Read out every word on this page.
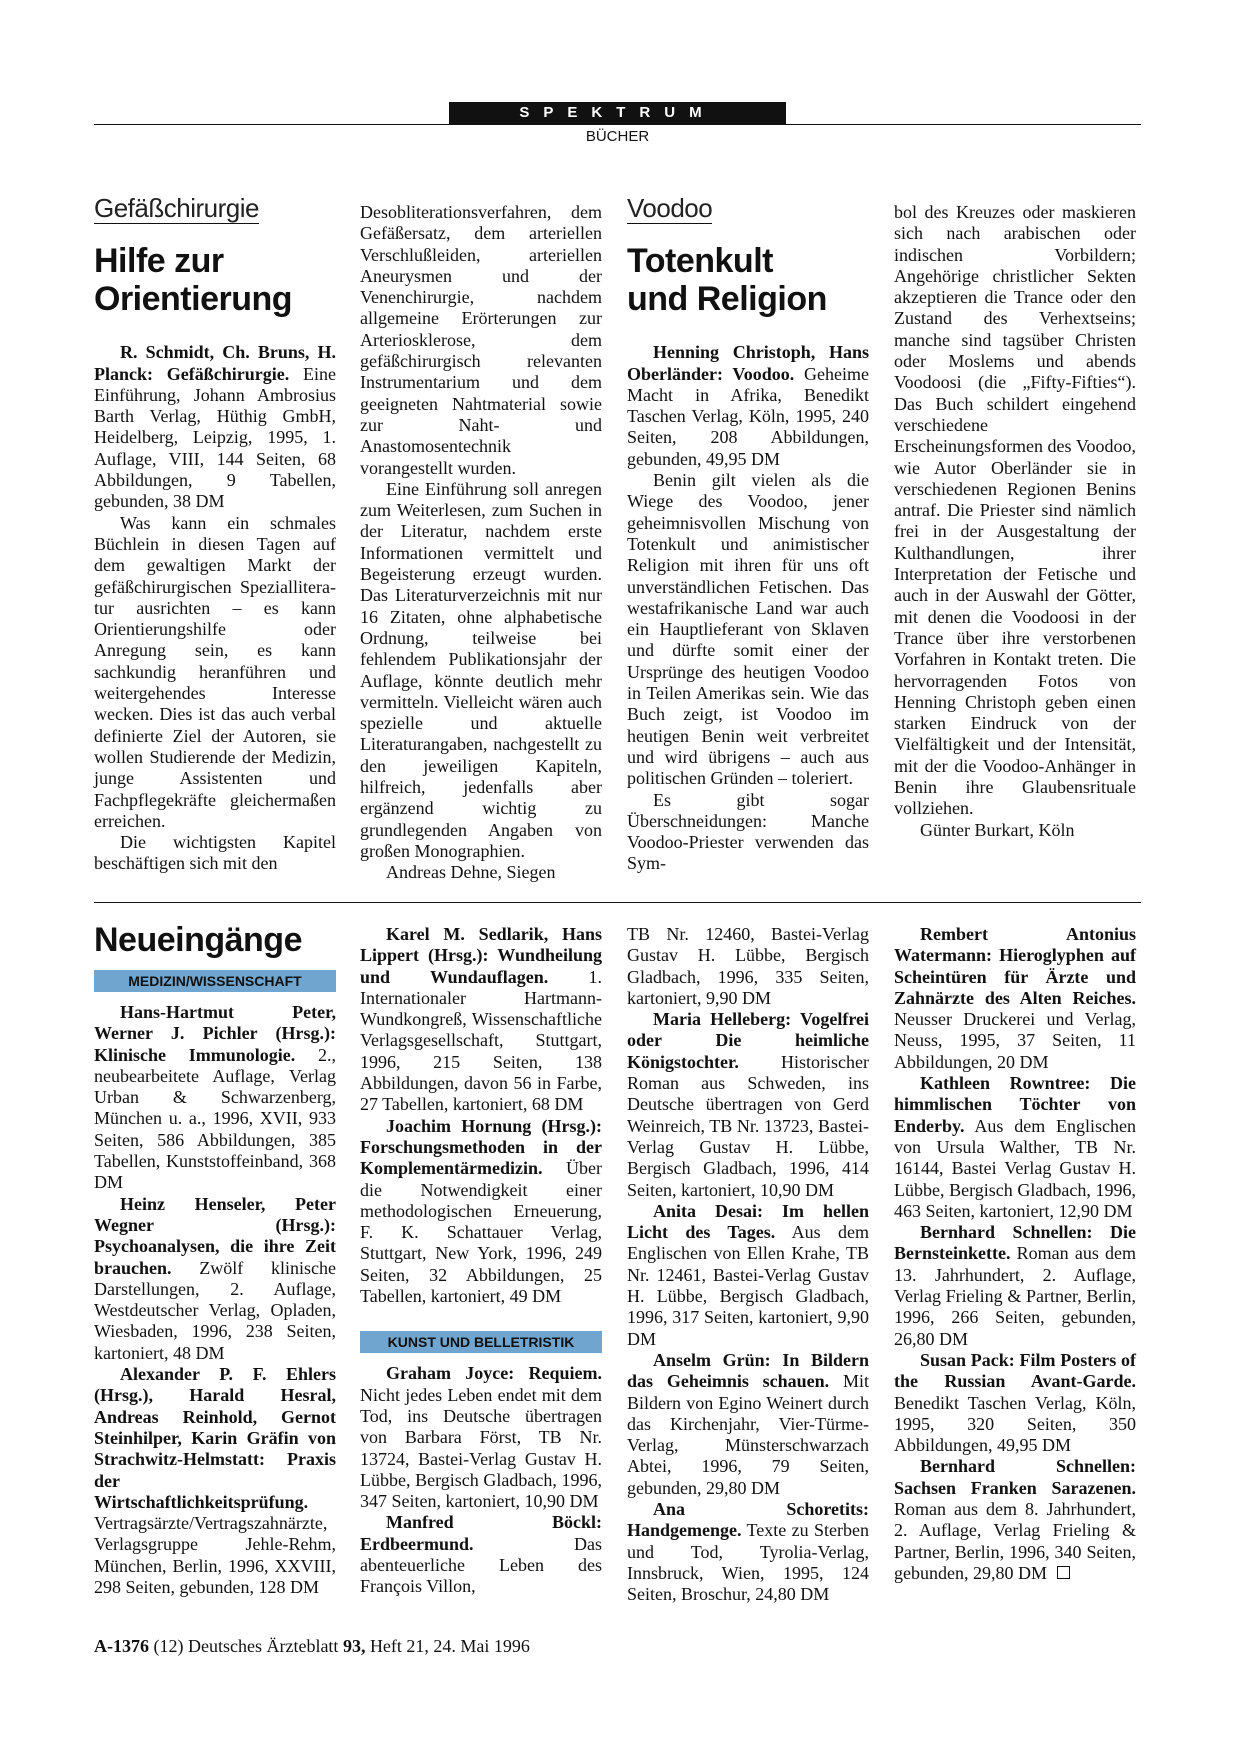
SPEKTRUM
BÜCHER
Gefäßchirurgie
Hilfe zur
Orientierung

R. Schmidt, Ch. Bruns, H. Planck: Gefäßchirurgie. Eine Einführung, Johann Ambrosius Barth Verlag, Hüthig GmbH, Heidelberg, Leipzig, 1995, 1. Auflage, VIII, 144 Seiten, 68 Abbildungen, 9 Tabellen, gebunden, 38 DM

Was kann ein schmales Büchlein in diesen Tagen auf dem gewaltigen Markt der gefäßchirurgischen Spezialliteratur ausrichten – es kann Orientierungshilfe oder Anregung sein, es kann sachkundig heranführen und weitergehendes Interesse wecken. Dies ist das auch verbal definierte Ziel der Autoren, sie wollen Studierende der Medizin, junge Assistenten und Fachpflegekräfte gleichermaßen erreichen.

Die wichtigsten Kapitel beschäftigen sich mit den

Desobliterationsverfahren, dem Gefäßersatz, dem arteriellen Verschlußleiden, arteriellen Aneurysmen und der Venenchirurgie, nachdem allgemeine Erörterungen zur Arteriosklerose, dem gefäßchirurgisch relevanten Instrumentarium und dem geeigneten Nahtmaterial sowie zur Naht- und Anastomosentechnik vorangestellt wurden.

Eine Einführung soll anregen zum Weiterlesen, zum Suchen in der Literatur, nachdem erste Informationen vermittelt und Begeisterung erzeugt wurden. Das Literaturverzeichnis mit nur 16 Zitaten, ohne alphabetische Ordnung, teilweise bei fehlendem Publikationsjahr der Auflage, könnte deutlich mehr vermitteln. Vielleicht wären auch spezielle und aktuelle Literaturangaben, nachgestellt zu den jeweiligen Kapiteln, hilfreich, jedenfalls aber ergänzend wichtig zu grundlegenden Angaben von großen Monographien.

Andreas Dehne, Siegen

Voodoo
Totenkult
und Religion

Henning Christoph, Hans Oberländer: Voodoo. Geheime Macht in Afrika, Benedikt Taschen Verlag, Köln, 1995, 240 Seiten, 208 Abbildungen, gebunden, 49,95 DM

Benin gilt vielen als die Wiege des Voodoo, jener geheimnisvollen Mischung von Totenkult und animistischer Religion mit ihren für uns oft unverständlichen Fetischen. Das westafrikanische Land war auch ein Hauptlieferant von Sklaven und dürfte somit einer der Ursprünge des heutigen Voodoo in Teilen Amerikas sein. Wie das Buch zeigt, ist Voodoo im heutigen Benin weit verbreitet und wird übrigens – auch aus politischen Gründen – toleriert.

Es gibt sogar Überschneidungen: Manche Voodoo-Priester verwenden das Sym-

bol des Kreuzes oder maskieren sich nach arabischen oder indischen Vorbildern; Angehörige christlicher Sekten akzeptieren die Trance oder den Zustand des Verhextseins; manche sind tagsüber Christen oder Moslems und abends Voodoosi (die „Fifty-Fifties“). Das Buch schildert eingehend verschiedene Erscheinungsformen des Voodoo, wie Autor Oberländer sie in verschiedenen Regionen Benins antraf. Die Priester sind nämlich frei in der Ausgestaltung der Kulthandlungen, ihrer Interpretation der Fetische und auch in der Auswahl der Götter, mit denen die Voodoosi in der Trance über ihre verstorbenen Vorfahren in Kontakt treten. Die hervorragenden Fotos von Henning Christoph geben einen starken Eindruck von der Vielfältigkeit und der Intensität, mit der die Voodoo-Anhänger in Benin ihre Glaubensrituale vollziehen.

Günter Burkart, Köln

Neueingänge
MEDIZIN/WISSENSCHAFT

Hans-Hartmut Peter, Werner J. Pichler (Hrsg.): Klinische Immunologie. 2., neubearbeitete Auflage, Verlag Urban & Schwarzenberg, München u. a., 1996, XVII, 933 Seiten, 586 Abbildungen, 385 Tabellen, Kunststoffeinband, 368 DM

Heinz Henseler, Peter Wegner (Hrsg.): Psychoanalysen, die ihre Zeit brauchen. Zwölf klinische Darstellungen, 2. Auflage, Westdeutscher Verlag, Opladen, Wiesbaden, 1996, 238 Seiten, kartoniert, 48 DM

Alexander P. F. Ehlers (Hrsg.), Harald Hesral, Andreas Reinhold, Gernot Steinhilper, Karin Gräfin von Strachwitz-Helmstatt: Praxis der Wirtschaftlichkeitsprüfung. Vertragsärzte/Vertragszahnärzte, Verlagsgruppe Jehle-Rehm, München, Berlin, 1996, XXVIII, 298 Seiten, gebunden, 128 DM

Karel M. Sedlarik, Hans Lippert (Hrsg.): Wundheilung und Wundauflagen. 1. Internationaler Hartmann-Wundkongreß, Wissenschaftliche Verlagsgesellschaft, Stuttgart, 1996, 215 Seiten, 138 Abbildungen, davon 56 in Farbe, 27 Tabellen, kartoniert, 68 DM

Joachim Hornung (Hrsg.): Forschungsmethoden in der Komplementärmedizin. Über die Notwendigkeit einer methodologischen Erneuerung, F. K. Schattauer Verlag, Stuttgart, New York, 1996, 249 Seiten, 32 Abbildungen, 25 Tabellen, kartoniert, 49 DM

KUNST UND BELLETRISTIK

Graham Joyce: Requiem. Nicht jedes Leben endet mit dem Tod, ins Deutsche übertragen von Barbara Först, TB Nr. 13724, Bastei-Verlag Gustav H. Lübbe, Bergisch Gladbach, 1996, 347 Seiten, kartoniert, 10,90 DM

Manfred Böckl: Erdbeermund. Das abenteuerliche Leben des François Villon,

TB Nr. 12460, Bastei-Verlag Gustav H. Lübbe, Bergisch Gladbach, 1996, 335 Seiten, kartoniert, 9,90 DM

Maria Helleberg: Vogelfrei oder Die heimliche Königstochter. Historischer Roman aus Schweden, ins Deutsche übertragen von Gerd Weinreich, TB Nr. 13723, Bastei-Verlag Gustav H. Lübbe, Bergisch Gladbach, 1996, 414 Seiten, kartoniert, 10,90 DM

Anita Desai: Im hellen Licht des Tages. Aus dem Englischen von Ellen Krahe, TB Nr. 12461, Bastei-Verlag Gustav H. Lübbe, Bergisch Gladbach, 1996, 317 Seiten, kartoniert, 9,90 DM

Anselm Grün: In Bildern das Geheimnis schauen. Mit Bildern von Egino Weinert durch das Kirchenjahr, Vier-Türme-Verlag, Münsterschwarzach Abtei, 1996, 79 Seiten, gebunden, 29,80 DM

Ana Schoretits: Handgemenge. Texte zu Sterben und Tod, Tyrolia-Verlag, Innsbruck, Wien, 1995, 124 Seiten, Broschur, 24,80 DM

Rembert Antonius Watermann: Hieroglyphen auf Scheintüren für Ärzte und Zahnärzte des Alten Reiches. Neusser Druckerei und Verlag, Neuss, 1995, 37 Seiten, 11 Abbildungen, 20 DM

Kathleen Rowntree: Die himmlischen Töchter von Enderby. Aus dem Englischen von Ursula Walther, TB Nr. 16144, Bastei Verlag Gustav H. Lübbe, Bergisch Gladbach, 1996, 463 Seiten, kartoniert, 12,90 DM

Bernhard Schnellen: Die Bernsteinkette. Roman aus dem 13. Jahrhundert, 2. Auflage, Verlag Frieling & Partner, Berlin, 1996, 266 Seiten, gebunden, 26,80 DM

Susan Pack: Film Posters of the Russian Avant-Garde. Benedikt Taschen Verlag, Köln, 1995, 320 Seiten, 350 Abbildungen, 49,95 DM

Bernhard Schnellen: Sachsen Franken Sarazenen. Roman aus dem 8. Jahrhundert, 2. Auflage, Verlag Frieling & Partner, Berlin, 1996, 340 Seiten, gebunden, 29,80 DM

A-1376 (12) Deutsches Ärzteblatt 93, Heft 21, 24. Mai 1996
